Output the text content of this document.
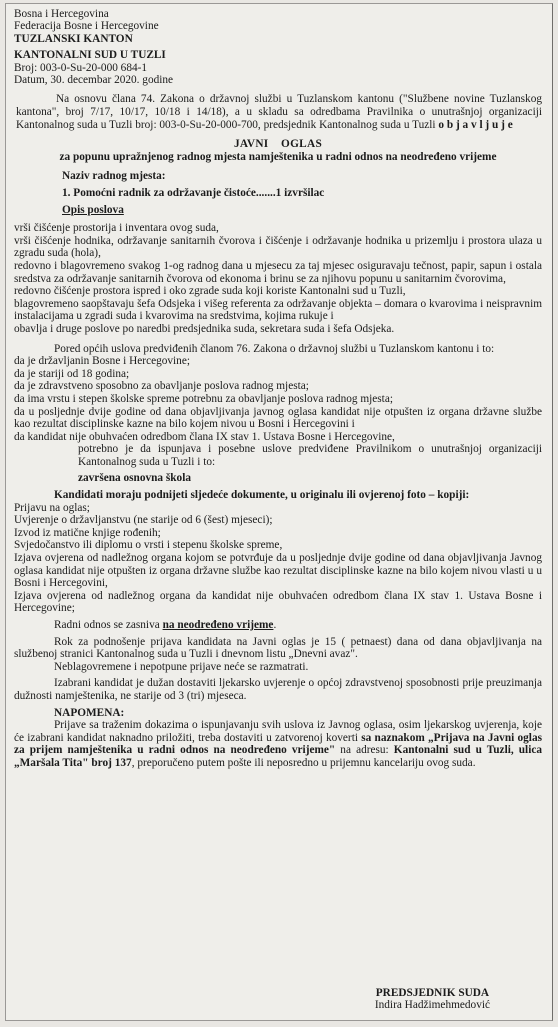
Bosna i Hercegovina
Federacija Bosne i Hercegovine
TUZLANSKI KANTON
KANTONALNI SUD U TUZLI
Broj: 003-0-Su-20-000 684-1
Datum, 30. decembar 2020. godine
Na osnovu člana 74. Zakona o državnoj službi u Tuzlanskom kantonu ("Službene novine Tuzlanskog kantona", broj 7/17, 10/17, 10/18 i 14/18), a u skladu sa odredbama Pravilnika o unutrašnjoj organizaciji Kantonalnog suda u Tuzli broj: 003-0-Su-20-000-700, predsjednik Kantonalnog suda u Tuzli o b j a v l j u j e
JAVNI    OGLAS
za popunu upražnjenog radnog mjesta namještenika u radni odnos na neodređeno vrijeme
Naziv radnog mjesta:
1. Pomoćni radnik za održavanje čistoće.......1 izvršilac
Opis poslova
- vrši čišćenje prostorija i inventara ovog suda,
- vrši čišćenje hodnika, održavanje sanitarnih čvorova i čišćenje i održavanje hodnika u prizemlju i prostora ulaza u zgradu suda (hola),
- redovno i blagovremeno svakog 1-og radnog dana u mjesecu za taj mjesec osiguravaju tečnost, papir, sapun i ostala sredstva za održavanje sanitarnih čvorova od ekonoma i brinu se za njihovu popunu u sanitarnim čvorovima,
- redovno čišćenje prostora ispred i oko zgrade suda koji koriste Kantonalni sud u Tuzli,
- blagovremeno saopštavaju šefa Odsjeka i višeg referenta za održavanje objekta – domara o kvarovima i neispravnim instalacijama u zgradi suda i kvarovima na sredstvima, kojima rukuje i
- obavlja i druge poslove po naredbi predsjednika suda, sekretara suda i šefa Odsjeka.
Pored općih uslova predviđenih članom 76. Zakona o državnoj službi u Tuzlanskom kantonu i to:
- da je državljanin Bosne i Hercegovine;
- da je stariji od 18 godina;
- da je zdravstveno sposobno za obavljanje poslova radnog mjesta;
- da ima vrstu i stepen školske spreme potrebnu za obavljanje poslova radnog mjesta;
- da u posljednje dvije godine od dana objavljivanja javnog oglasa kandidat nije otpušten iz organa državne službe kao rezultat disciplinske kazne na bilo kojem nivou u Bosni i Hercegovini i
- da kandidat nije obuhvaćen odredbom člana IX stav 1. Ustava Bosne i Hercegovine,
potrebno je da ispunjava i posebne uslove predviđene Pravilnikom o unutrašnjoj organizaciji Kantonalnog suda u Tuzli i to:
završena osnovna škola
Kandidati moraju podnijeti sljedeće dokumente, u originalu ili ovjerenoj foto – kopiji:
- Prijavu na oglas;
- Uvjerenje o državljanstvu (ne starije od 6 (šest) mjeseci);
- Izvod iz matične knjige rođenih;
- Svjedočanstvo ili diplomu o vrsti i stepenu školske spreme,
- Izjava ovjerena od nadležnog organa kojom se potvrđuje da u posljednje dvije godine od dana objavljivanja Javnog oglasa kandidat nije otpušten iz organa državne službe kao rezultat disciplinske kazne na bilo kojem nivou vlasti u u Bosni i Hercegovini,
- Izjava ovjerena od nadležnog organa da kandidat nije obuhvaćen odredbom člana IX stav 1. Ustava Bosne i Hercegovine;
Radni odnos se zasniva na neodređeno vrijeme.
Rok za podnošenje prijava kandidata na Javni oglas je 15 ( petnaest) dana od dana objavljivanja na službenoj stranici Kantonalnog suda u Tuzli i dnevnom listu „Dnevni avaz".
Neblagovremene i nepotpune prijave neće se razmatrati.
Izabrani kandidat je dužan dostaviti ljekarsko uvjerenje o općoj zdravstvenoj sposobnosti prije preuzimanja dužnosti namještenika, ne starije od 3 (tri) mjeseca.
NAPOMENA:
Prijave sa traženim dokazima o ispunjavanju svih uslova iz Javnog oglasa, osim ljekarskog uvjerenja, koje će izabrani kandidat naknadno priložiti, treba dostaviti u zatvorenoj koverti sa naznakom „Prijava na Javni oglas za prijem namještenika u radni odnos na neodređeno vrijeme" na adresu: Kantonalni sud u Tuzli, ulica „Maršala Tita" broj 137, preporučeno putem pošte ili neposredno u prijemnu kancelariju ovog suda.
PREDSJEDNIK SUDA
Indira Hadžimehmedović
